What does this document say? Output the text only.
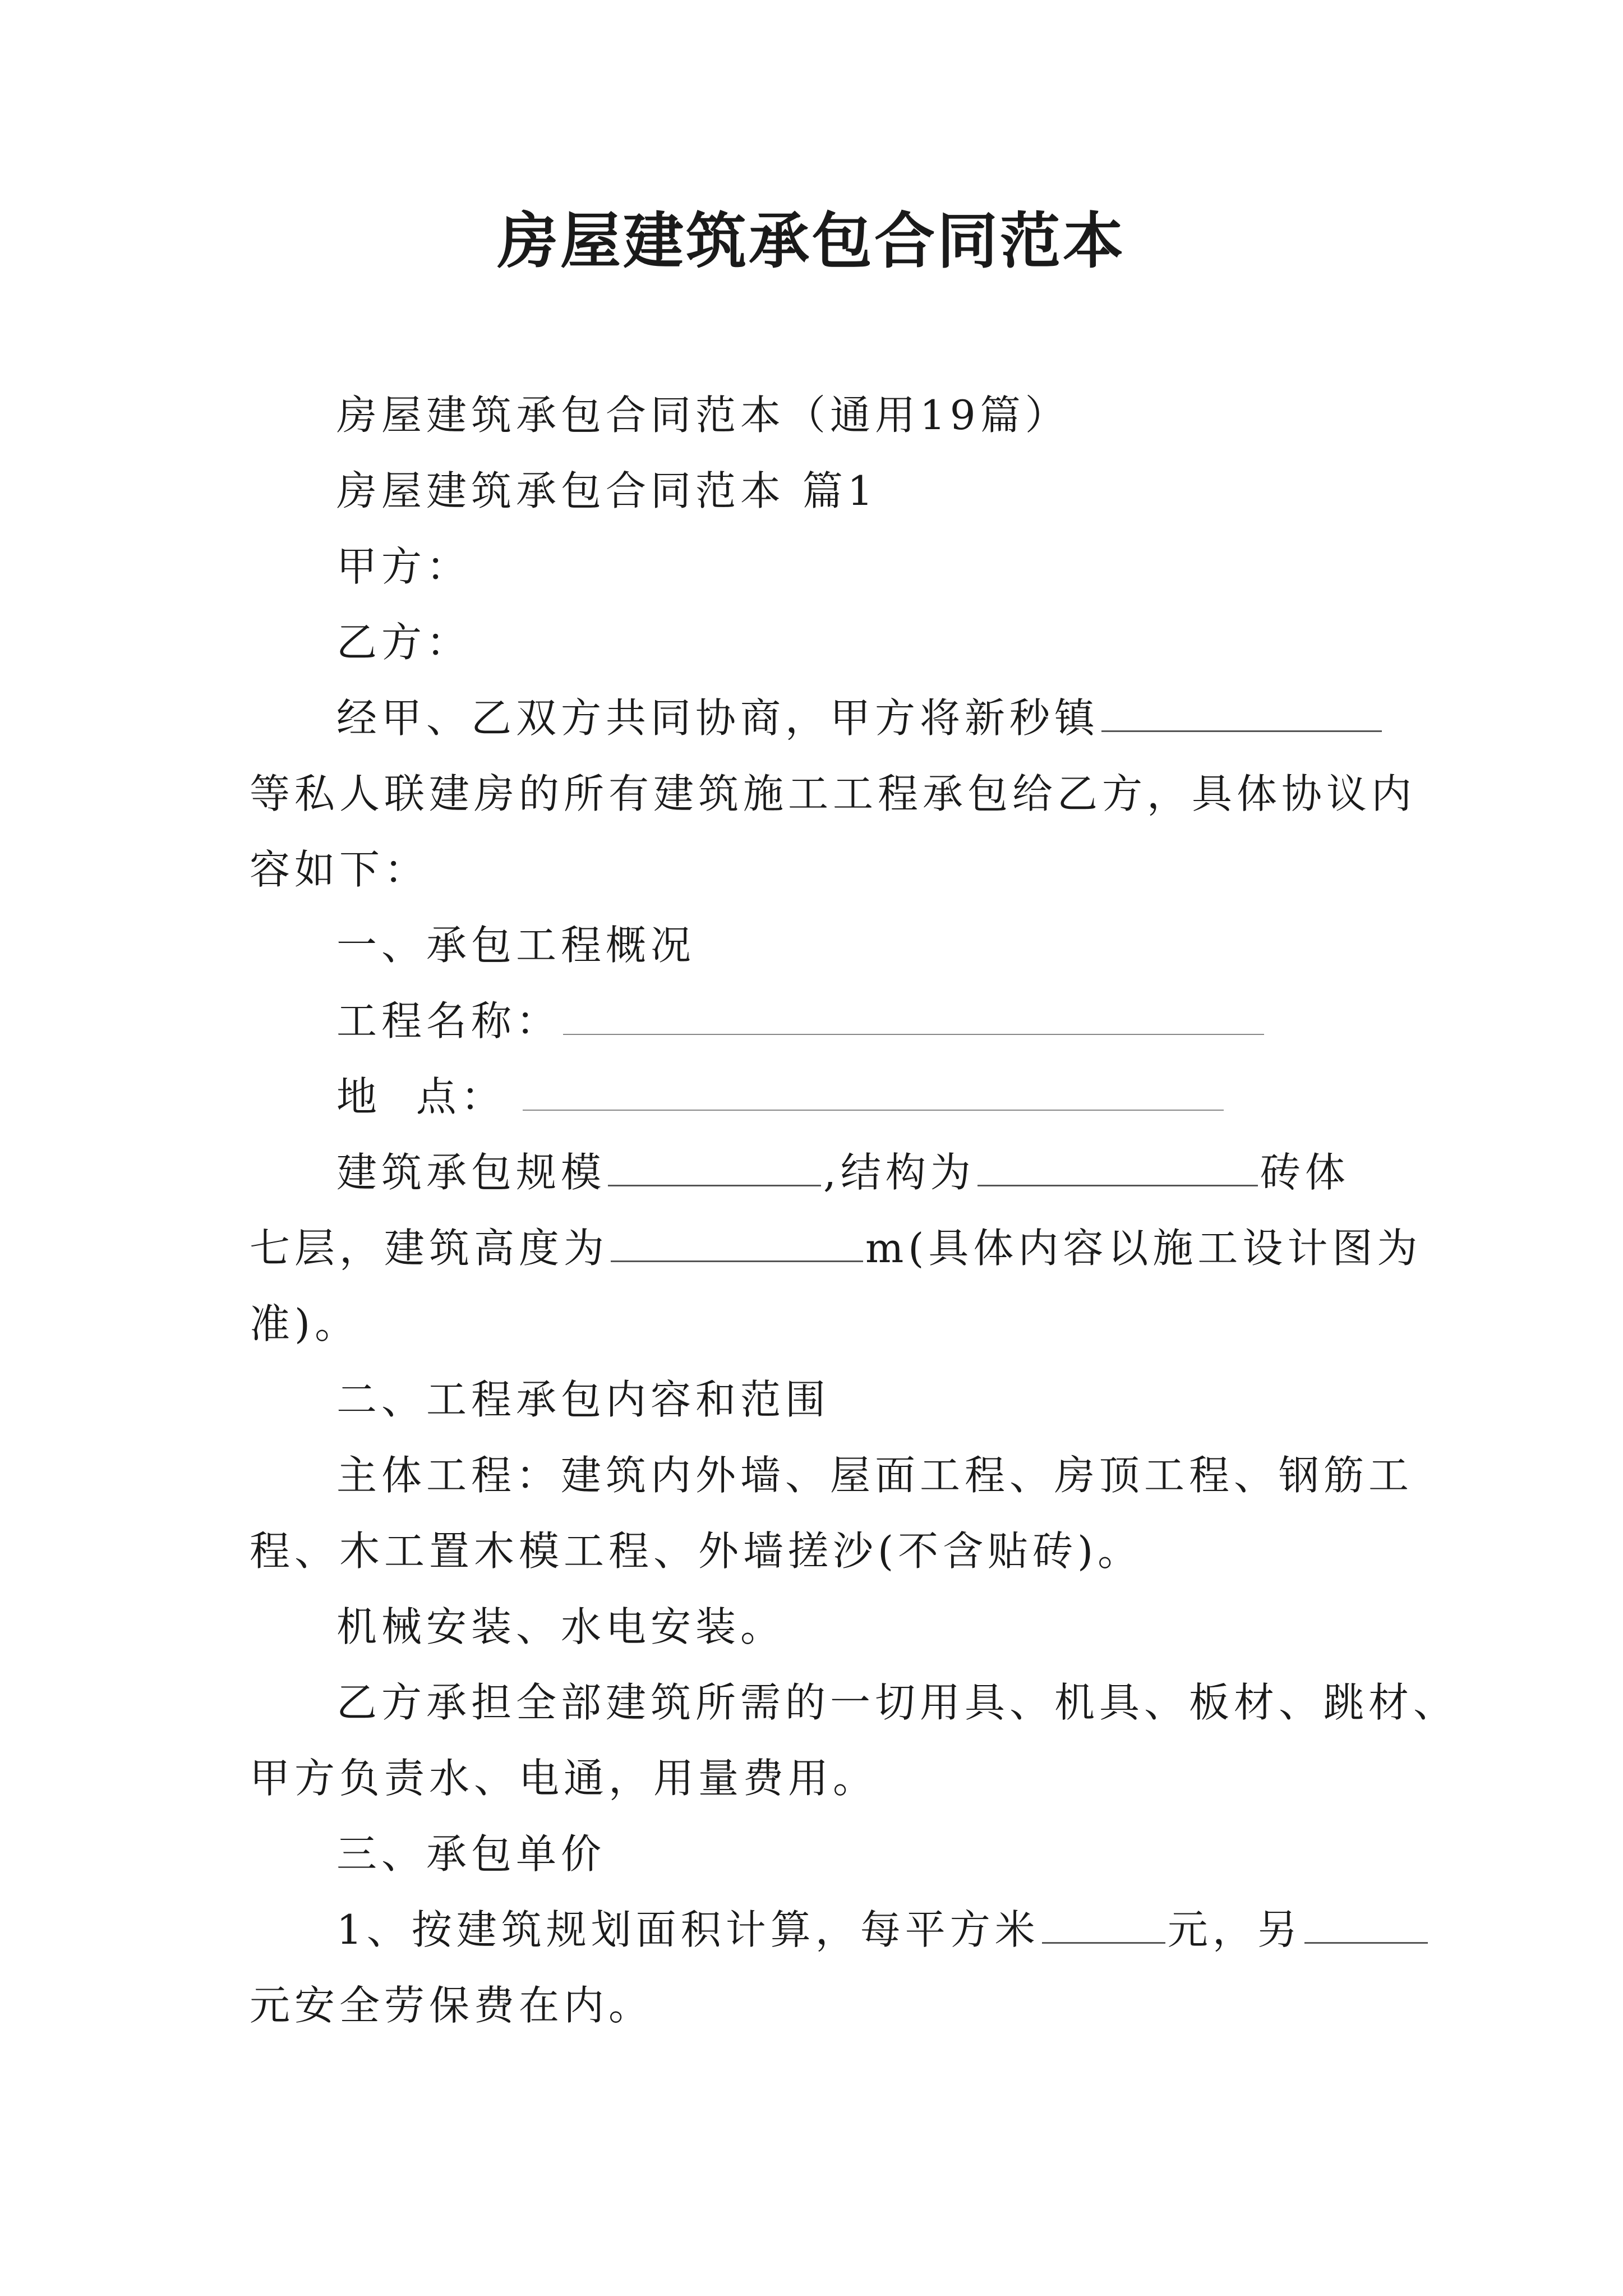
房屋建筑承包合同范本
房屋建筑承包合同范本（通用19篇）
房屋建筑承包合同范本 篇1
甲方：
乙方：
经甲、乙双方共同协商，甲方将新秒镇
等私人联建房的所有建筑施工工程承包给乙方，具体协议内
容如下：
一、承包工程概况
工程名称：
地  点：
建筑承包规模	,结构为	砖体
七层，建筑高度为	m(具体内容以施工设计图为
准)。
二、工程承包内容和范围
主体工程：建筑内外墙、屋面工程、房顶工程、钢筋工
程、木工置木模工程、外墙搓沙(不含贴砖)。
机械安装、水电安装。
乙方承担全部建筑所需的一切用具、机具、板材、跳材、
甲方负责水、电通，用量费用。
三、承包单价
1、按建筑规划面积计算，每平方米	元，另
元安全劳保费在内。
